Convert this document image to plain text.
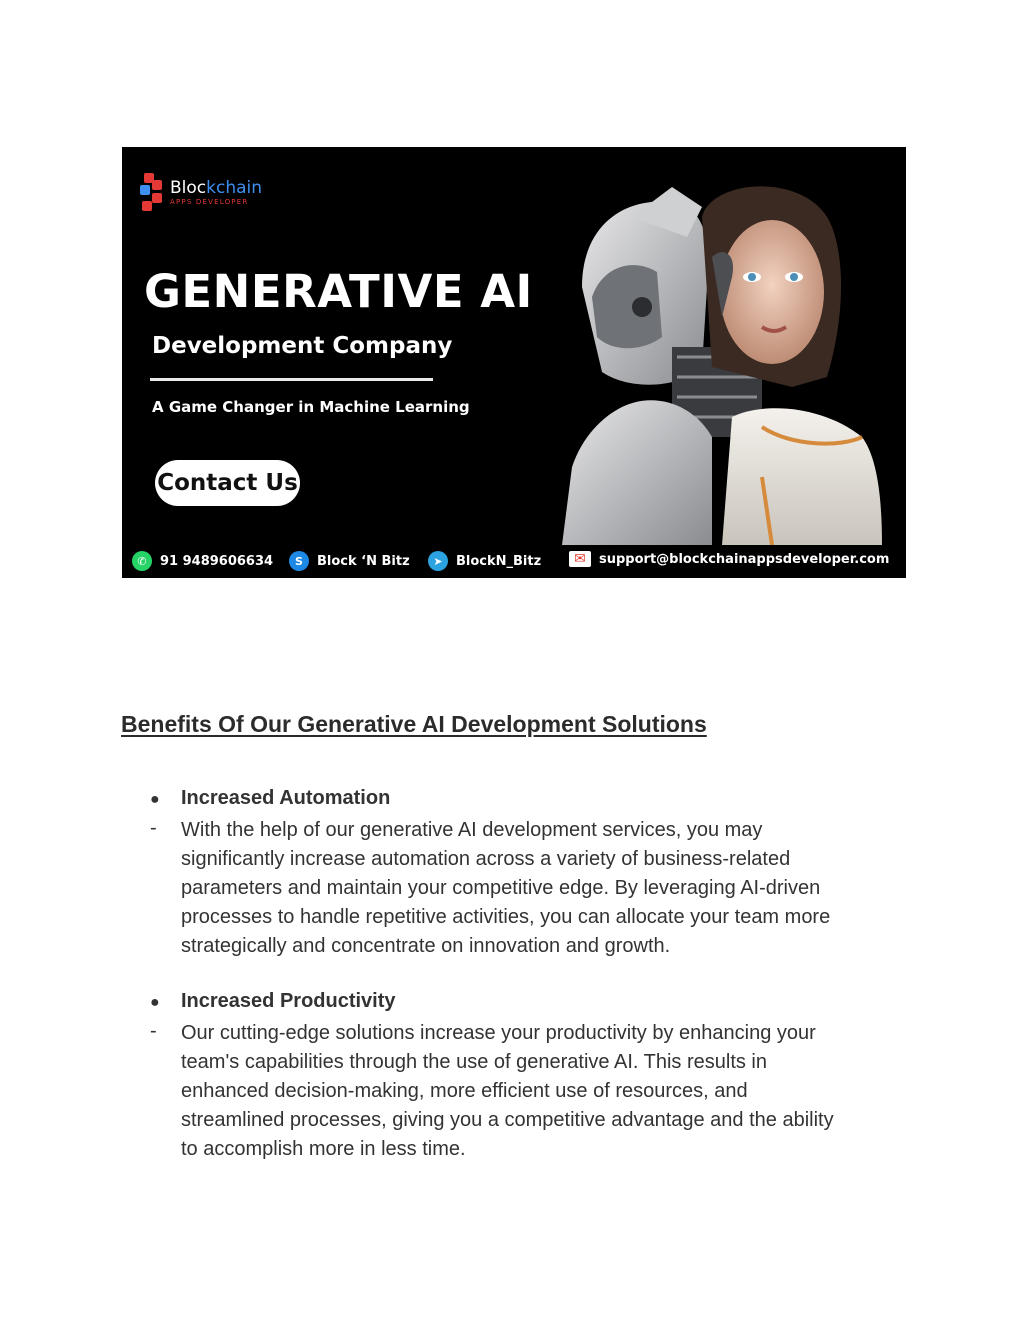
Blockchain
APPS DEVELOPER
GENERATIVE AI
Development Company
A Game Changer in Machine Learning
Contact Us
✆	91 9489606634	S	Block ‘N Bitz	➤	BlockN_Bitz	✉	support@blockchainappsdeveloper.com
Benefits Of Our Generative AI Development Solutions
● Increased Automation
- With the help of our generative AI development services, you may
significantly increase automation across a variety of business-related
parameters and maintain your competitive edge. By leveraging AI-driven
processes to handle repetitive activities, you can allocate your team more
strategically and concentrate on innovation and growth.

● Increased Productivity
- Our cutting-edge solutions increase your productivity by enhancing your
team's capabilities through the use of generative AI. This results in
enhanced decision-making, more efficient use of resources, and
streamlined processes, giving you a competitive advantage and the ability
to accomplish more in less time.
